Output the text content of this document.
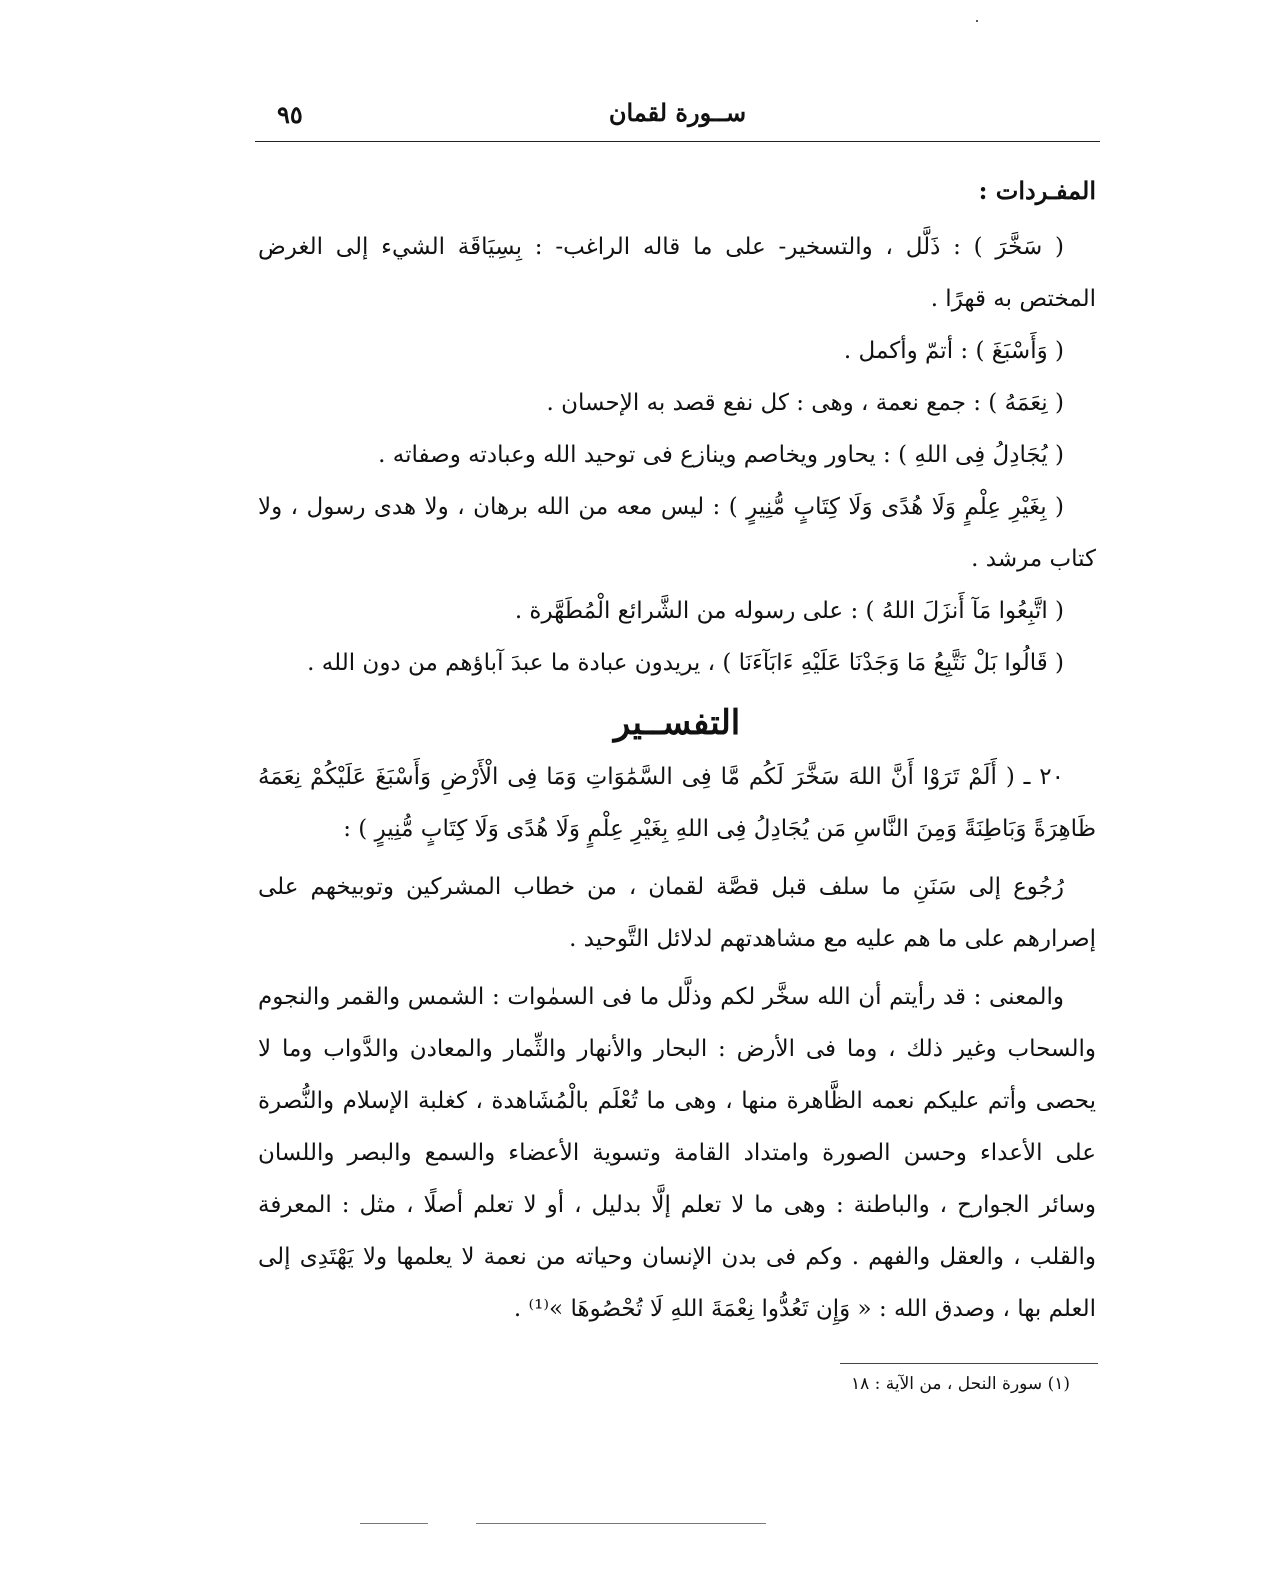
٩٥	ســورة لقمان
المفـردات :

( سَخَّرَ ) : ذَلَّل ، والتسخير- على ما قاله الراغب- : بِسِيَاقَة الشيء إلى الغرض المختص به قهرًا .

( وَأَسْبَغَ ) : أتمّ وأكمل .

( نِعَمَهُ ) : جمع نعمة ، وهى : كل نفع قصد به الإحسان .

( يُجَادِلُ فِى اللهِ ) : يحاور ويخاصم وينازع فى توحيد الله وعبادته وصفاته .

( بِغَيْرِ عِلْمٍ وَلَا هُدًى وَلَا كِتَابٍ مُّنِيرٍ ) : ليس معه من الله برهان ، ولا هدى رسول ، ولا كتاب مرشد .

( اتَّبِعُوا مَآ أَنزَلَ اللهُ ) : على رسوله من الشَّرائع الْمُطَهَّرة .

( قَالُوا بَلْ نَتَّبِعُ مَا وَجَدْنَا عَلَيْهِ ءَابَآءَنَا ) ، يريدون عبادة ما عبدَ آباؤهم من دون الله .

التفســير

٢٠ ـ ( أَلَمْ تَرَوْا أَنَّ اللهَ سَخَّرَ لَكُم مَّا فِى السَّمَٰوَاتِ وَمَا فِى الْأَرْضِ وَأَسْبَغَ عَلَيْكُمْ نِعَمَهُ ظَاهِرَةً وَبَاطِنَةً وَمِنَ النَّاسِ مَن يُجَادِلُ فِى اللهِ بِغَيْرِ عِلْمٍ وَلَا هُدًى وَلَا كِتَابٍ مُّنِيرٍ ) :

رُجُوع إلى سَنَنِ ما سلف قبل قصَّة لقمان ، من خطاب المشركين وتوبيخهم على إصرارهم على ما هم عليه مع مشاهدتهم لدلائل التَّوحيد .

والمعنى : قد رأيتم أن الله سخَّر لكم وذلَّل ما فى السمٰوات : الشمس والقمر والنجوم والسحاب وغير ذلك ، وما فى الأرض : البحار والأنهار والثِّمار والمعادن والدَّواب وما لا يحصى وأتم عليكم نعمه الظَّاهرة منها ، وهى ما تُعْلَم بالْمُشَاهدة ، كغلبة الإسلام والنُّصرة على الأعداء وحسن الصورة وامتداد القامة وتسوية الأعضاء والسمع والبصر واللسان وسائر الجوارح ، والباطنة : وهى ما لا تعلم إلَّا بدليل ، أو لا تعلم أصلًا ، مثل : المعرفة والقلب ، والعقل والفهم . وكم فى بدن الإنسان وحياته من نعمة لا يعلمها ولا يَهْتَدِى إلى العلم بها ، وصدق الله : « وَإِن تَعُدُّوا نِعْمَةَ اللهِ لَا تُحْصُوهَا »⁽¹⁾ .

(١) سورة النحل ، من الآية : ١٨
